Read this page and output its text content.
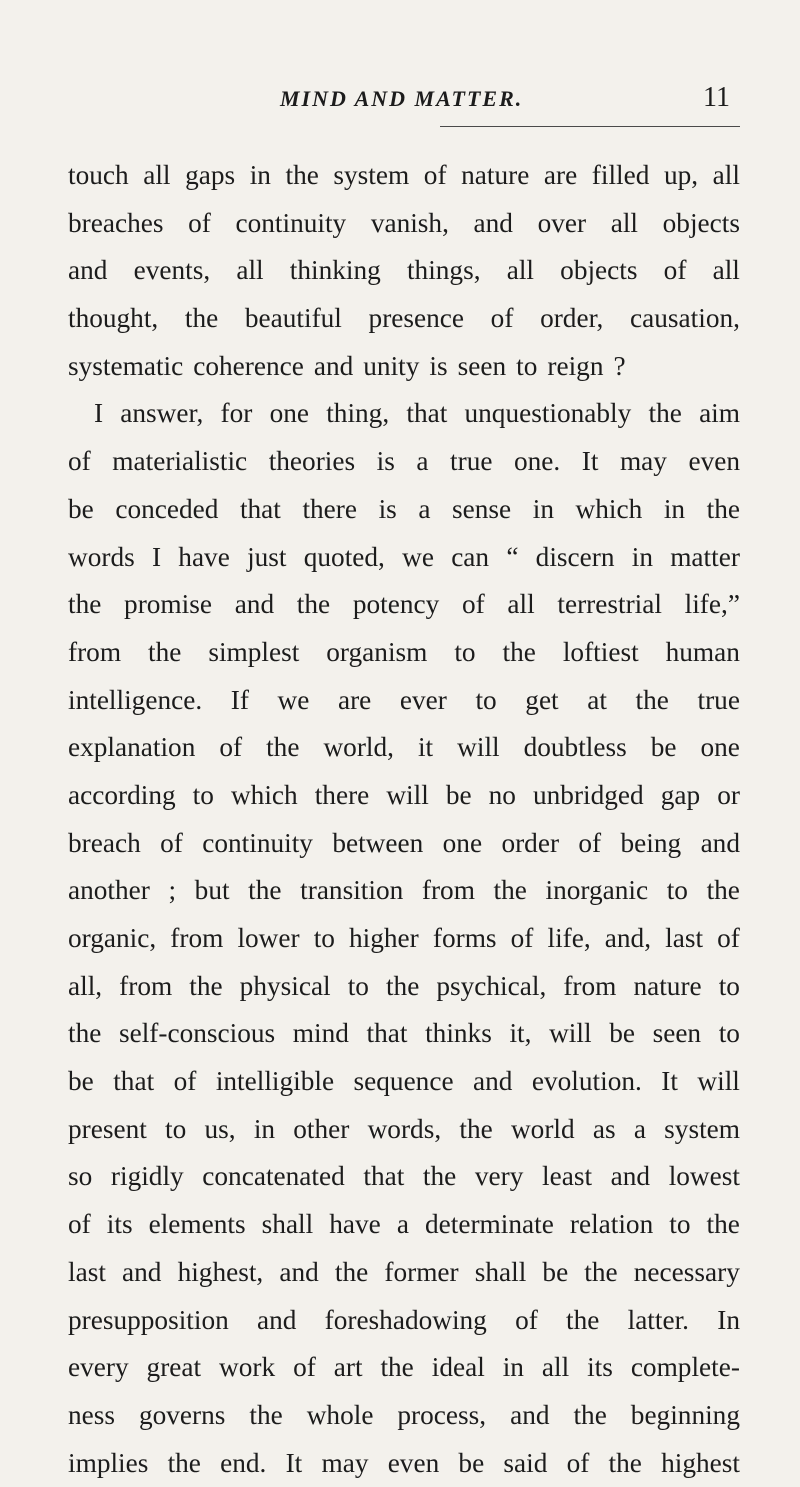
MIND AND MATTER.	11
touch all gaps in the system of nature are filled up, all
breaches of continuity vanish, and over all objects
and events, all thinking things, all objects of all
thought, the beautiful presence of order, causation,
systematic coherence and unity is seen to reign ?
I answer, for one thing, that unquestionably the aim
of materialistic theories is a true one. It may even
be conceded that there is a sense in which in the
words I have just quoted, we can “ discern in matter
the promise and the potency of all terrestrial life,”
from the simplest organism to the loftiest human
intelligence. If we are ever to get at the true
explanation of the world, it will doubtless be one
according to which there will be no unbridged gap or
breach of continuity between one order of being and
another ; but the transition from the inorganic to the
organic, from lower to higher forms of life, and, last of
all, from the physical to the psychical, from nature to
the self-conscious mind that thinks it, will be seen to
be that of intelligible sequence and evolution. It will
present to us, in other words, the world as a system
so rigidly concatenated that the very least and lowest
of its elements shall have a determinate relation to the
last and highest, and the former shall be the necessary
presupposition and foreshadowing of the latter. In
every great work of art the ideal in all its complete-
ness governs the whole process, and the beginning
implies the end. It may even be said of the highest
